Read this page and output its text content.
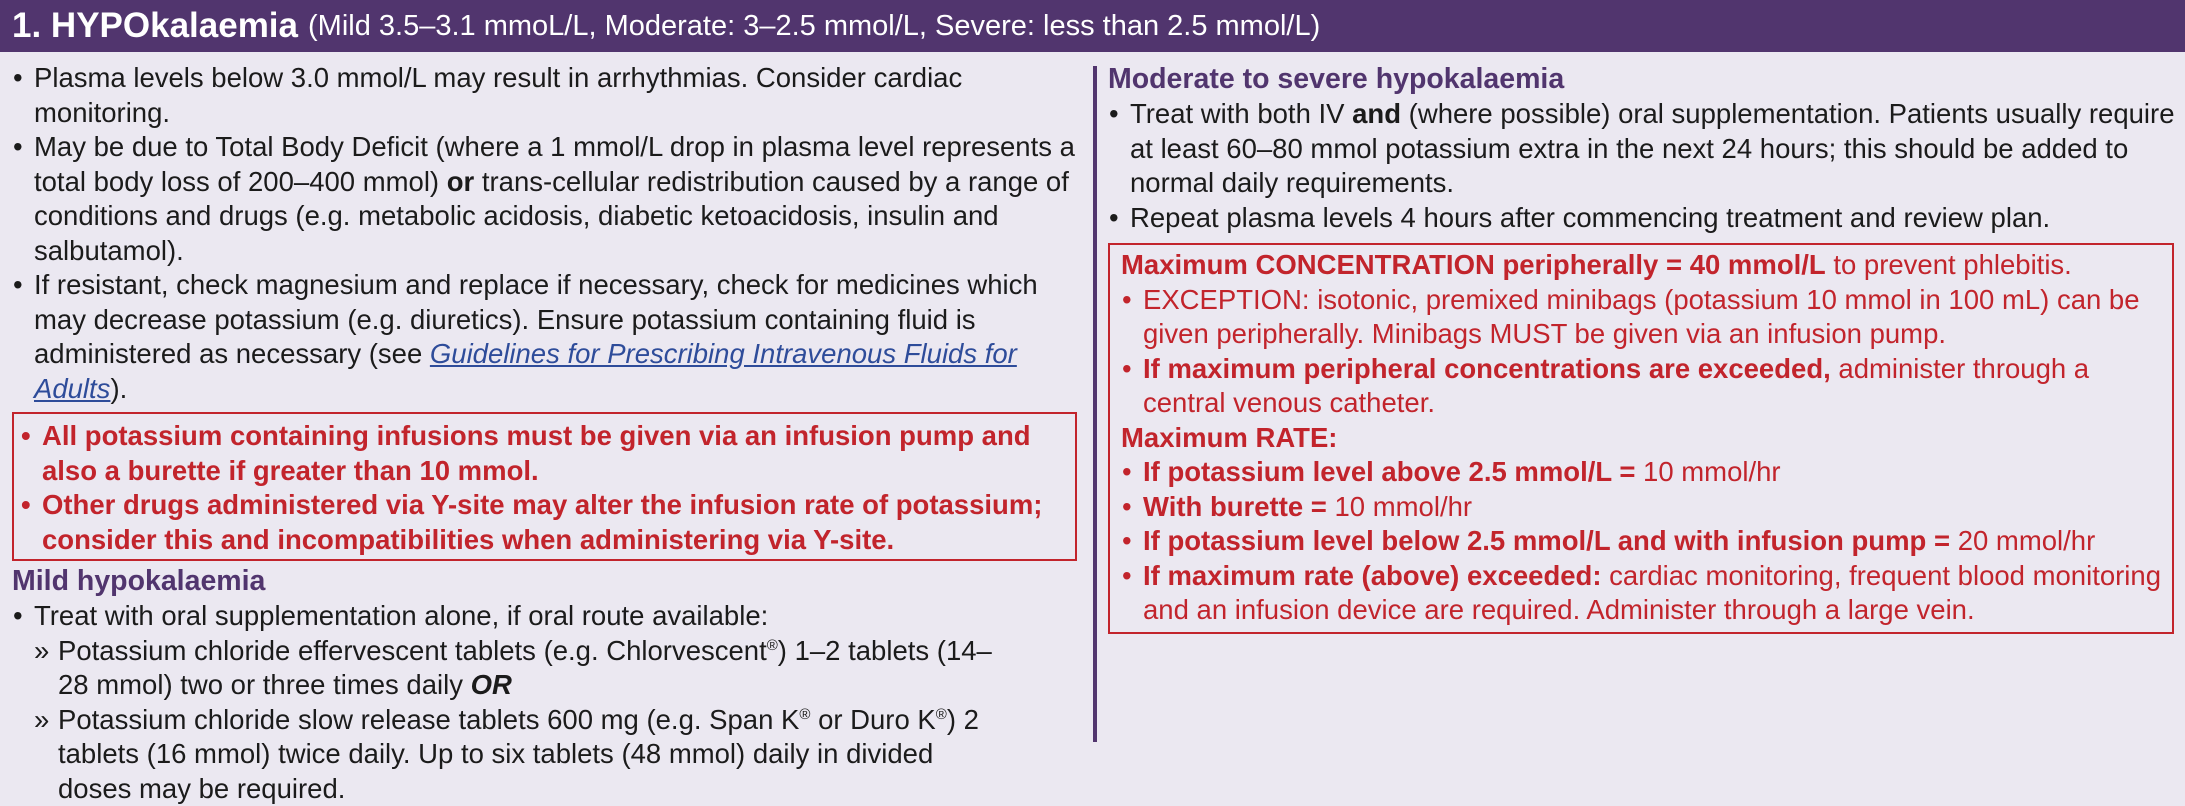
1. HYPOkalaemia (Mild 3.5–3.1 mmoL/L, Moderate: 3–2.5 mmol/L, Severe: less than 2.5 mmol/L)
• Plasma levels below 3.0 mmol/L may result in arrhythmias. Consider cardiac monitoring.
• May be due to Total Body Deficit (where a 1 mmol/L drop in plasma level represents a total body loss of 200–400 mmol) or trans-cellular redistribution caused by a range of conditions and drugs (e.g. metabolic acidosis, diabetic ketoacidosis, insulin and salbutamol).
• If resistant, check magnesium and replace if necessary, check for medicines which may decrease potassium (e.g. diuretics). Ensure potassium containing fluid is administered as necessary (see Guidelines for Prescribing Intravenous Fluids for Adults).
• All potassium containing infusions must be given via an infusion pump and also a burette if greater than 10 mmol.
• Other drugs administered via Y-site may alter the infusion rate of potassium; consider this and incompatibilities when administering via Y-site.
Mild hypokalaemia
• Treat with oral supplementation alone, if oral route available:
» Potassium chloride effervescent tablets (e.g. Chlorvescent®) 1–2 tablets (14–28 mmol) two or three times daily OR
» Potassium chloride slow release tablets 600 mg (e.g. Span K® or Duro K®) 2 tablets (16 mmol) twice daily. Up to six tablets (48 mmol) daily in divided doses may be required.
Moderate to severe hypokalaemia
• Treat with both IV and (where possible) oral supplementation. Patients usually require at least 60–80 mmol potassium extra in the next 24 hours; this should be added to normal daily requirements.
• Repeat plasma levels 4 hours after commencing treatment and review plan.
Maximum CONCENTRATION peripherally = 40 mmol/L to prevent phlebitis.
• EXCEPTION: isotonic, premixed minibags (potassium 10 mmol in 100 mL) can be given peripherally. Minibags MUST be given via an infusion pump.
• If maximum peripheral concentrations are exceeded, administer through a central venous catheter.
Maximum RATE:
• If potassium level above 2.5 mmol/L = 10 mmol/hr
• With burette = 10 mmol/hr
• If potassium level below 2.5 mmol/L and with infusion pump = 20 mmol/hr
• If maximum rate (above) exceeded: cardiac monitoring, frequent blood monitoring and an infusion device are required. Administer through a large vein.
